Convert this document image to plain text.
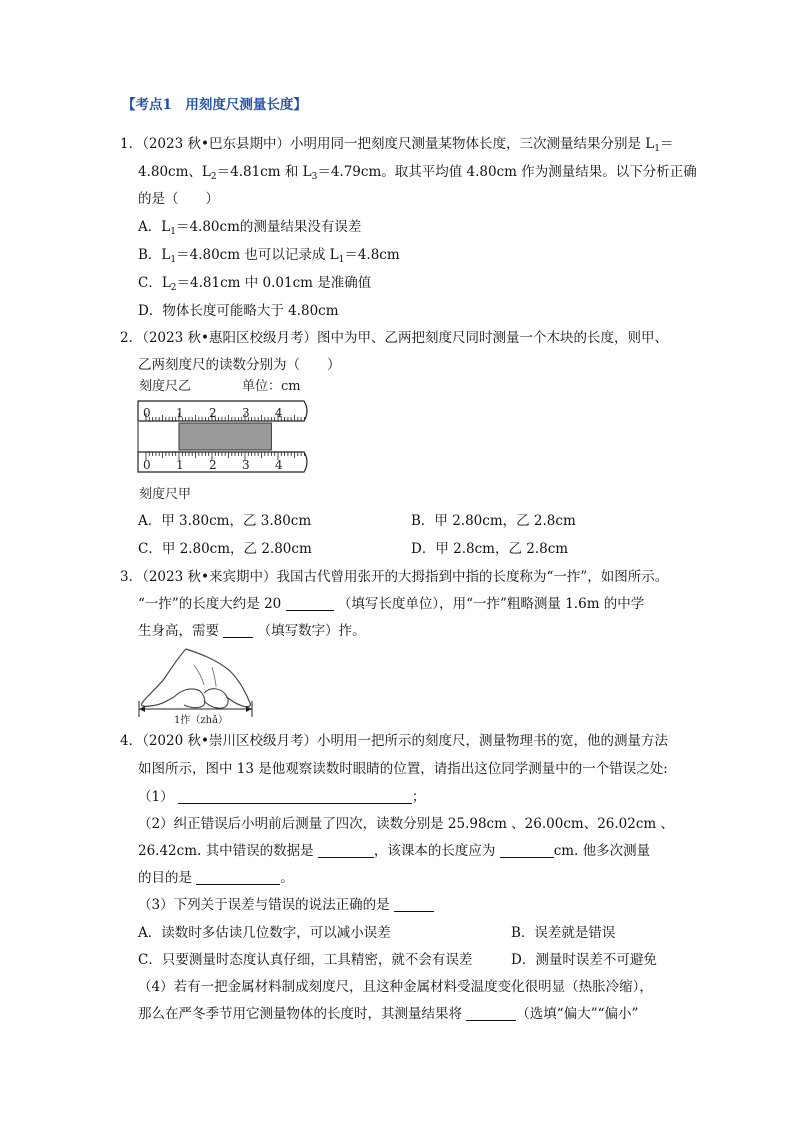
【考点1　用刻度尺测量长度】
1．（2023 秋•巴东县期中）小明用同一把刻度尺测量某物体长度，三次测量结果分别是 $L_1=$
4.80cm、$L_2=4.81cm$ 和 $L_3=4.79cm$。取其平均值 4.80cm 作为测量结果。以下分析正确
的是（　　）
A．$L_1=4.80cm$的测量结果没有误差
B．$L_1=4.80cm$ 也可以记录成 $L_1=4.8cm$
C．$L_2=4.81cm$ 中 0.01cm 是准确值
D．物体长度可能略大于 4.80cm
2．（2023 秋•惠阳区校级月考）图中为甲、乙两把刻度尺同时测量一个木块的长度，则甲、
乙两刻度尺的读数分别为（　　）
刻度尺乙	单位：cm
0 1 2 3 4
0 1 2 3 4
刻度尺甲
A．甲 3.80cm，乙 3.80cm	B．甲 2.80cm，乙 2.8cm
C．甲 2.80cm，乙 2.80cm	D．甲 2.8cm，乙 2.8cm
3．（2023 秋•来宾期中）我国古代曾用张开的大拇指到中指的长度称为“一拃”，如图所示。
“一拃”的长度大约是 20	（填写长度单位），用“一拃”粗略测量 1.6m 的中学
生身高，需要	（填写数字）拃。
1拃（zhǎ）
4．（2020 秋•崇川区校级月考）小明用一把所示的刻度尺，测量物理书的宽，他的测量方法
如图所示，图中 13 是他观察读数时眼睛的位置，请指出这位同学测量中的一个错误之处:
（1）	；
（2）纠正错误后小明前后测量了四次，读数分别是 25.98cm 、26.00cm、26.02cm 、
26.42cm. 其中错误的数据是	，该课本的长度应为	cm. 他多次测量
的目的是	。
（3）下列关于误差与错误的说法正确的是
A．读数时多估读几位数字，可以减小误差	B．误差就是错误
C．只要测量时态度认真仔细，工具精密，就不会有误差	D．测量时误差不可避免
（4）若有一把金属材料制成刻度尺，且这种金属材料受温度变化很明显（热胀冷缩），
那么在严冬季节用它测量物体的长度时，其测量结果将	（选填“偏大”“偏小”
